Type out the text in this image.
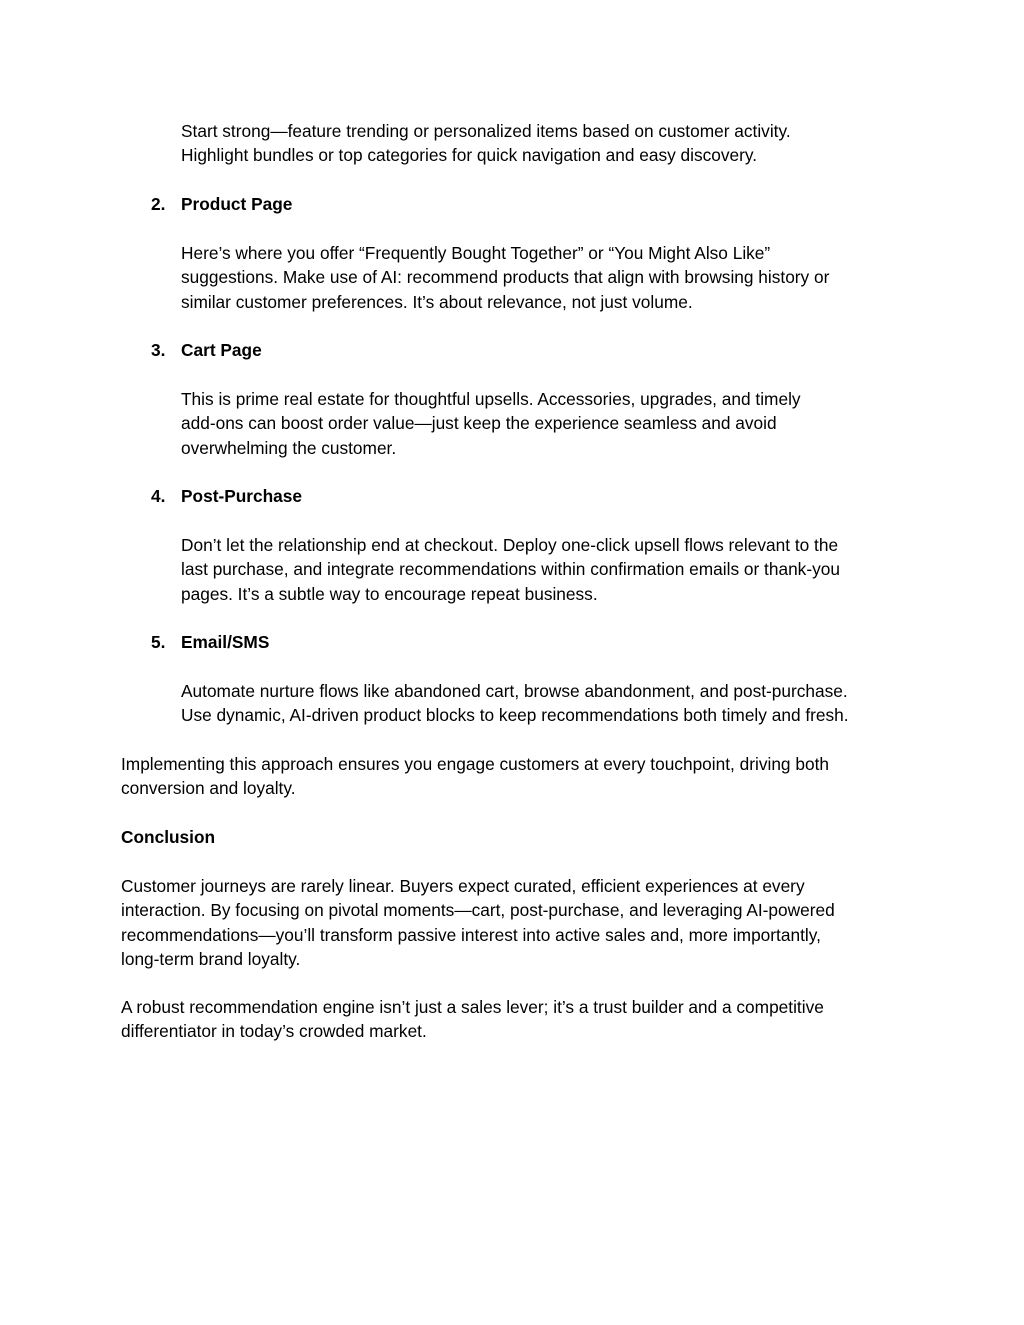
Start strong—feature trending or personalized items based on customer activity.
Highlight bundles or top categories for quick navigation and easy discovery.

2. Product Page

Here’s where you offer “Frequently Bought Together” or “You Might Also Like”
suggestions. Make use of AI: recommend products that align with browsing history or
similar customer preferences. It’s about relevance, not just volume.

3. Cart Page

This is prime real estate for thoughtful upsells. Accessories, upgrades, and timely
add-ons can boost order value—just keep the experience seamless and avoid
overwhelming the customer.

4. Post-Purchase

Don’t let the relationship end at checkout. Deploy one-click upsell flows relevant to the
last purchase, and integrate recommendations within confirmation emails or thank-you
pages. It’s a subtle way to encourage repeat business.

5. Email/SMS

Automate nurture flows like abandoned cart, browse abandonment, and post-purchase.
Use dynamic, AI-driven product blocks to keep recommendations both timely and fresh.

Implementing this approach ensures you engage customers at every touchpoint, driving both
conversion and loyalty.

Conclusion

Customer journeys are rarely linear. Buyers expect curated, efficient experiences at every
interaction. By focusing on pivotal moments—cart, post-purchase, and leveraging AI-powered
recommendations—you’ll transform passive interest into active sales and, more importantly,
long-term brand loyalty.

A robust recommendation engine isn’t just a sales lever; it’s a trust builder and a competitive
differentiator in today’s crowded market.
